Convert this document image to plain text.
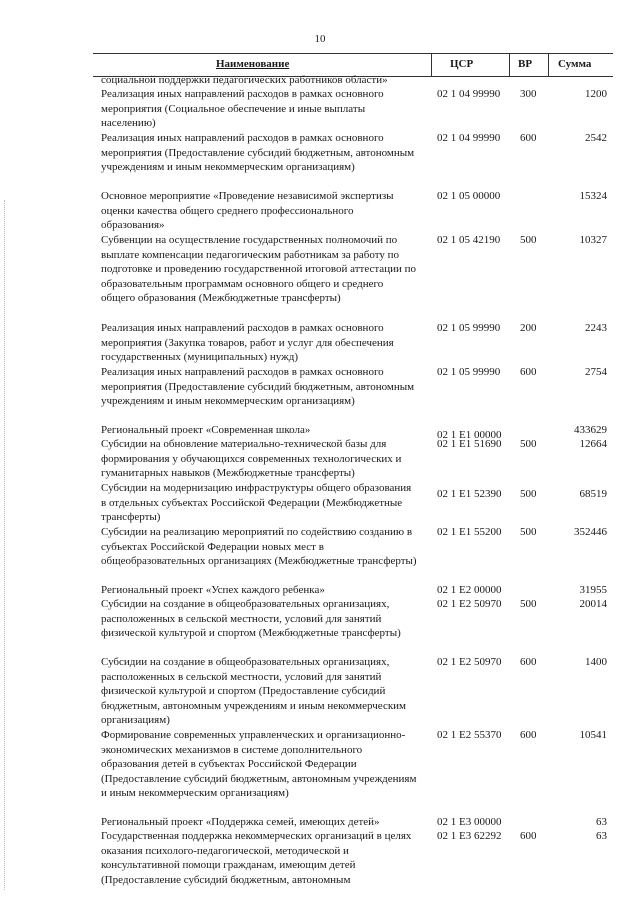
10
Наименование	ЦСР	ВР Сумма
социальной поддержки педагогических работников области»
Реализация иных направлений расходов в рамках основного мероприятия (Социальное обеспечение и иные выплаты населению)
02 1 04 99990 300	1200
Реализация иных направлений расходов в рамках основного мероприятия (Предоставление субсидий бюджетным, автономным учреждениям и иным некоммерческим организациям)
02 1 04 99990 600	2542
Основное мероприятие «Проведение независимой экспертизы оценки качества общего среднего профессионального образования»
02 1 05 00000	15324
Субвенции на осуществление государственных полномочий по выплате компенсации педагогическим работникам за работу по подготовке и проведению государственной итоговой аттестации по образовательным программам основного общего и среднего общего образования (Межбюджетные трансферты)
02 1 05 42190 500	10327
Реализация иных направлений расходов в рамках основного мероприятия (Закупка товаров, работ и услуг для обеспечения государственных (муниципальных) нужд)
02 1 05 99990 200	2243
Реализация иных направлений расходов в рамках основного мероприятия (Предоставление субсидий бюджетным, автономным учреждениям и иным некоммерческим организациям)
02 1 05 99990 600	2754
Региональный проект «Современная школа»	02 1 E1 00000	433629
Субсидии на обновление материально-технической базы для формирования у обучающихся современных технологических и гуманитарных навыков (Межбюджетные трансферты)
02 1 E1 51690 500	12664
Субсидии на модернизацию инфраструктуры общего образования в отдельных субъектах Российской Федерации (Межбюджетные трансферты)
02 1 E1 52390 500	68519
Субсидии на реализацию мероприятий по содействию созданию в субъектах Российской Федерации новых мест в общеобразовательных организациях (Межбюджетные трансферты)
02 1 E1 55200 500	352446
Региональный проект «Успех каждого ребенка»	02 1 E2 00000	31955
Субсидии на создание в общеобразовательных организациях, расположенных в сельской местности, условий для занятий физической культурой и спортом (Межбюджетные трансферты)
02 1 E2 50970 500	20014
Субсидии на создание в общеобразовательных организациях, расположенных в сельской местности, условий для занятий физической культурой и спортом (Предоставление субсидий бюджетным, автономным учреждениям и иным некоммерческим организациям)
02 1 E2 50970 600	1400
Формирование современных управленческих и организационно-экономических механизмов в системе дополнительного образования детей в субъектах Российской Федерации (Предоставление субсидий бюджетным, автономным учреждениям и иным некоммерческим организациям)
02 1 E2 55370 600	10541
Региональный проект «Поддержка семей, имеющих детей»	02 1 E3 00000	63
Государственная поддержка некоммерческих организаций в целях оказания психолого-педагогической, методической и консультативной помощи гражданам, имеющим детей (Предоставление субсидий бюджетным, автономным
02 1 E3 62292 600	63
